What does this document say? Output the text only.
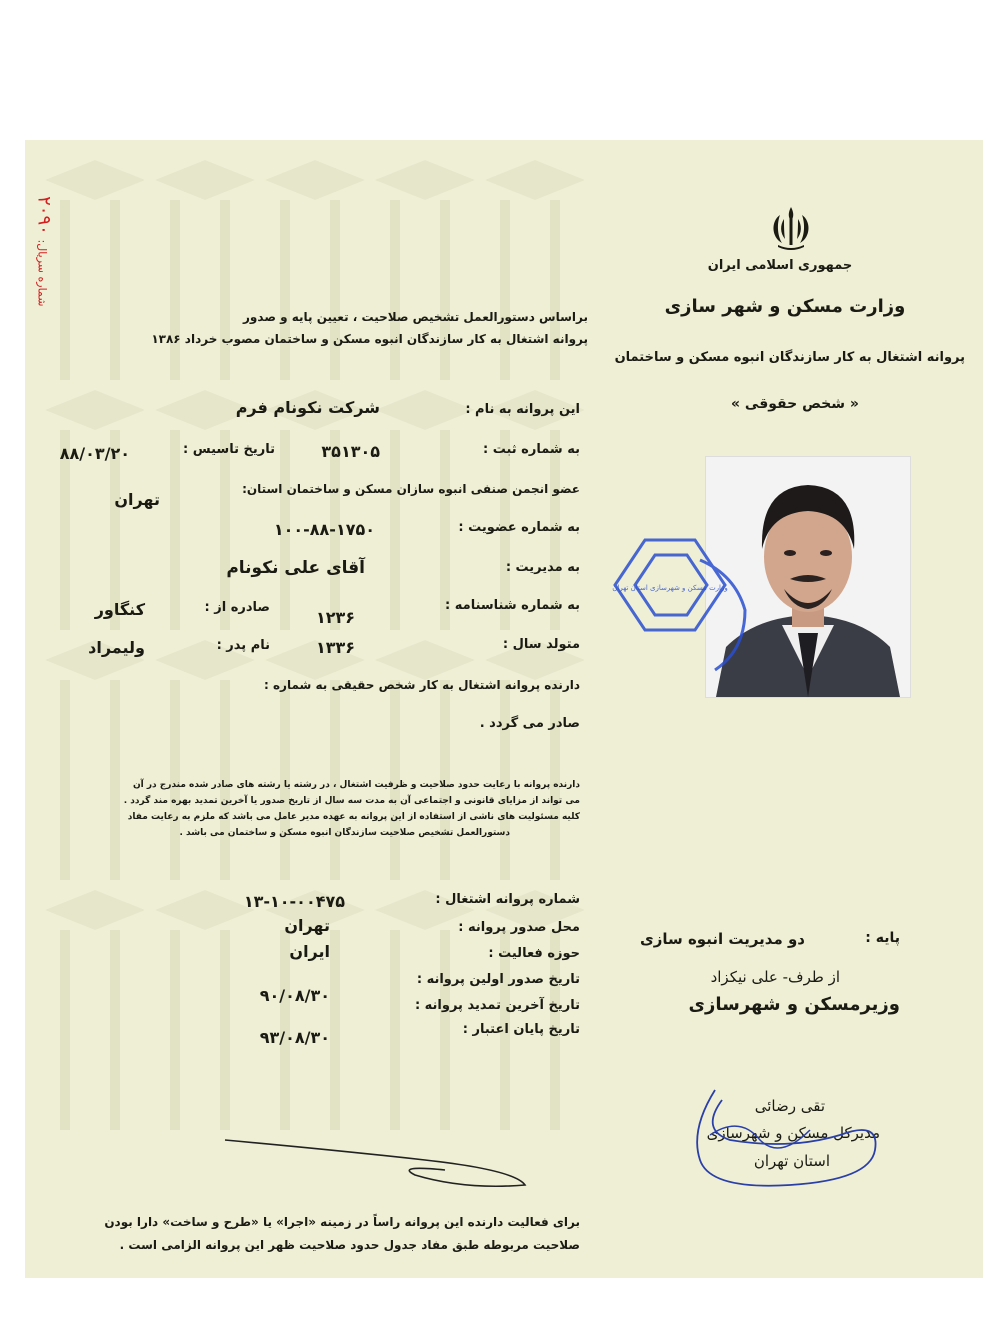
شماره سریال: ۲۰۹۰
جمهوری اسلامی ایران
وزارت مسکن و شهر سازی
پروانه اشتغال به کار سازندگان انبوه مسکن و ساختمان
« شخص حقوقی »
براساس دستورالعمل تشخیص صلاحیت ، تعیین پایه و صدور
پروانه اشتغال به کار سازندگان انبوه مسکن و ساختمان مصوب خرداد ۱۳۸۶
این پروانه به نام :
شرکت نکونام فرم
به شماره ثبت :
۳۵۱۳۰۵
تاریخ تاسیس :
۸۸/۰۳/۲۰
عضو انجمن صنفی انبوه سازان مسکن و ساختمان استان:
تهران
به شماره عضویت :
۱۰۰-۸۸-۱۷۵۰
به مدیریت :
آقای علی نکونام
به شماره شناسنامه :
۱۲۳۶
صادره از :
کنگاور
متولد سال :
۱۳۳۶
نام پدر :
ولیمراد
دارنده پروانه اشتغال به کار شخص حقیقی به شماره :
صادر می گردد .
دارنده پروانه با رعایت حدود صلاحیت و ظرفیت اشتغال ، در رشته یا رشته های صادر شده مندرج در آن
می تواند از مزایای قانونی و اجتماعی آن به مدت سه سال از تاریخ صدور یا آخرین تمدید بهره مند گردد .
کلیه مسئولیت های ناشی از استفاده از این پروانه به عهده مدیر عامل می باشد که ملزم به رعایت مفاد
دستورالعمل تشخیص صلاحیت سازندگان انبوه مسکن و ساختمان می باشد .
شماره پروانه اشتغال :
۱۳-۱۰-۰۰۴۷۵
محل صدور پروانه :
تهران
حوزه فعالیت :
ایران
تاریخ صدور اولین پروانه :
۹۰/۰۸/۳۰
تاریخ آخرین تمدید پروانه :
تاریخ پایان اعتبار :
۹۳/۰۸/۳۰
وزارت مسکن و شهرسازی استان تهران
پایه :
دو مدیریت انبوه سازی
از طرف- علی نیکزاد
وزیرمسکن و شهرسازی
تقی رضائی
مدیرکل مسکن و شهرسازی
استان تهران
برای فعالیت دارنده این پروانه راساً در زمینه «اجرا» یا «طرح و ساخت» دارا بودن
صلاحیت مربوطه طبق مفاد جدول حدود صلاحیت ظهر این پروانه الزامی است .
